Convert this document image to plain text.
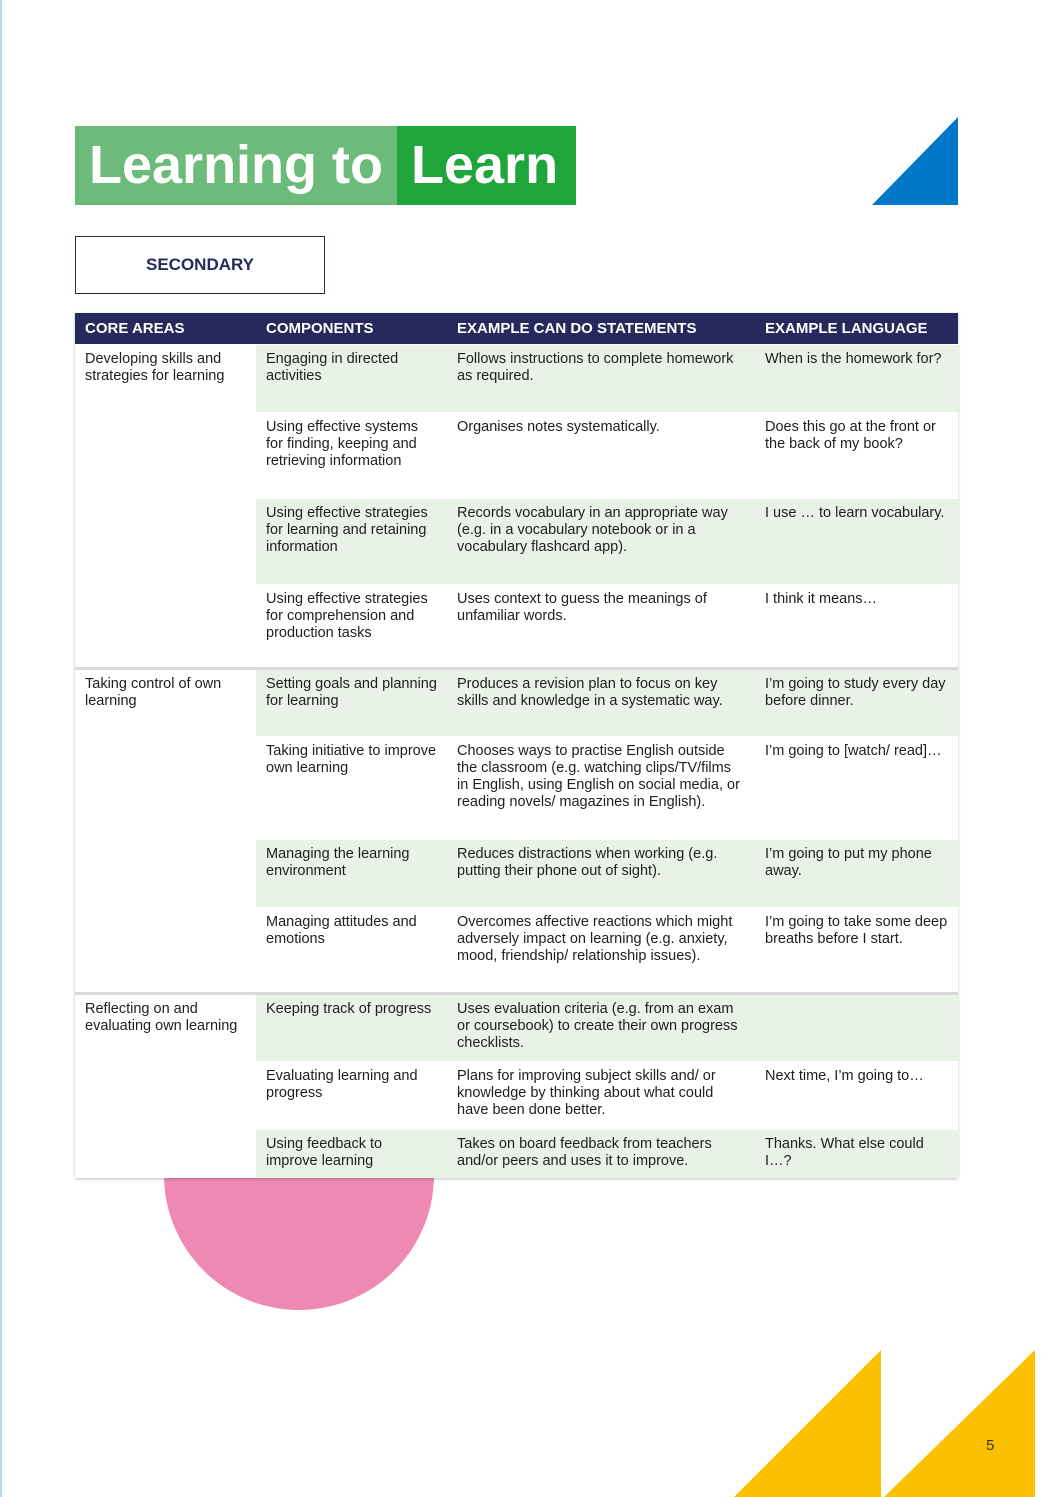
Learning to Learn
SECONDARY
CORE AREAS	COMPONENTS	EXAMPLE CAN DO STATEMENTS	EXAMPLE LANGUAGE
Developing skills and strategies for learning	Engaging in directed activities	Follows instructions to complete homework as required.	When is the homework for?
	Using effective systems for finding, keeping and retrieving information	Organises notes systematically.	Does this go at the front or the back of my book?
	Using effective strategies for learning and retaining information	Records vocabulary in an appropriate way (e.g. in a vocabulary notebook or in a vocabulary flashcard app).	I use … to learn vocabulary.
	Using effective strategies for comprehension and production tasks	Uses context to guess the meanings of unfamiliar words.	I think it means…
Taking control of own learning	Setting goals and planning for learning	Produces a revision plan to focus on key skills and knowledge in a systematic way.	I’m going to study every day before dinner.
	Taking initiative to improve own learning	Chooses ways to practise English outside the classroom (e.g. watching clips/TV/films in English, using English on social media, or reading novels/ magazines in English).	I’m going to [watch/ read]…
	Managing the learning environment	Reduces distractions when working (e.g. putting their phone out of sight).	I’m going to put my phone away.
	Managing attitudes and emotions	Overcomes affective reactions which might adversely impact on learning (e.g. anxiety, mood, friendship/ relationship issues).	I’m going to take some deep breaths before I start.
Reflecting on and evaluating own learning	Keeping track of progress	Uses evaluation criteria (e.g. from an exam or coursebook) to create their own progress checklists.	
	Evaluating learning and progress	Plans for improving subject skills and/ or knowledge by thinking about what could have been done better.	Next time, I’m going to…
	Using feedback to improve learning	Takes on board feedback from teachers and/or peers and uses it to improve.	Thanks. What else could I…?
5
